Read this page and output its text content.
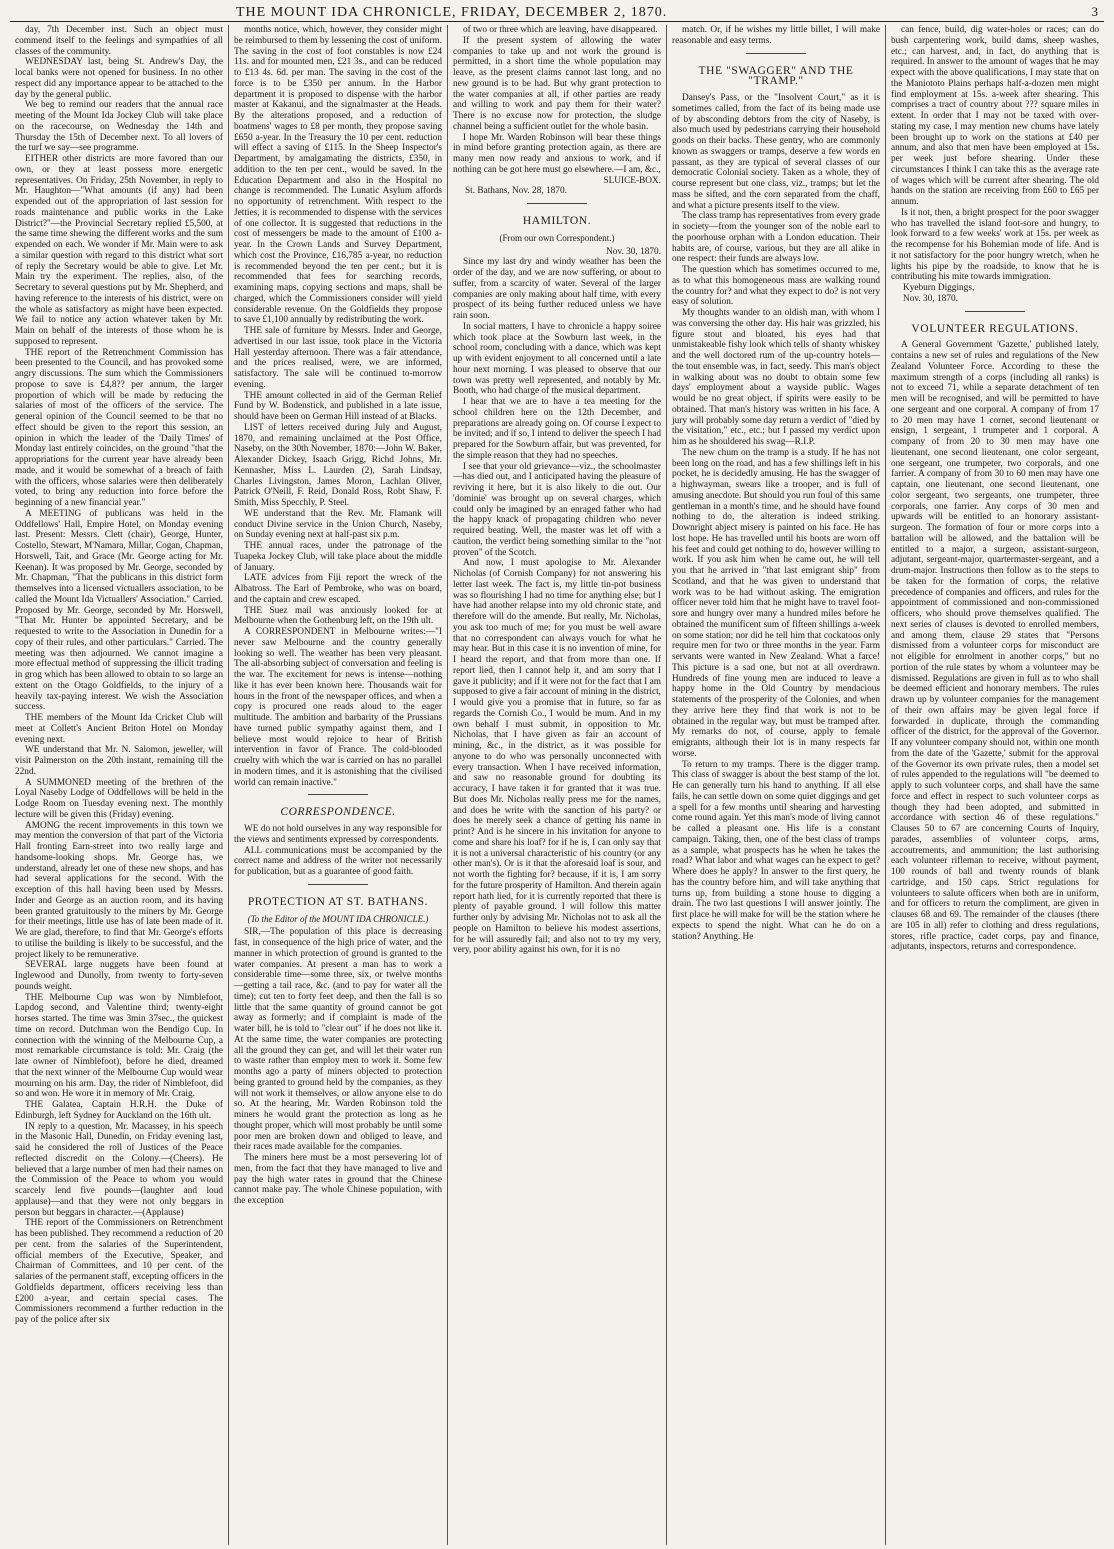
THE MOUNT IDA CHRONICLE, FRIDAY, DECEMBER 2, 1870.	3

day, 7th December inst. Such an object must commend itself to the feelings and sympathies of all classes of the community.

WEDNESDAY last, being St. Andrew's Day, the local banks were not opened for business. In no other respect did any importance appear to be attached to the day by the general public.

We beg to remind our readers that the annual race meeting of the Mount Ida Jockey Club will take place on the racecourse, on Wednesday the 14th and Thursday the 15th of December next. To all lovers of the turf we say—see programme.

EITHER other districts are more favored than our own, or they at least possess more energetic representatives. On Friday, 25th November, in reply to Mr. Haughton—"What amounts (if any) had been expended out of the appropriation of last session for roads maintenance and public works in the Lake District?"—the Provincial Secretary replied £5,500, at the same time shewing the different works and the sum expended on each. We wonder if Mr. Main were to ask a similar question with regard to this district what sort of reply the Secretary would be able to give. Let Mr. Main try the experiment. The replies, also, of the Secretary to several questions put by Mr. Shepherd, and having reference to the interests of his district, were on the whole as satisfactory as might have been expected. We fail to notice any action whatever taken by Mr. Main on behalf of the interests of those whom he is supposed to represent.

THE report of the Retrenchment Commission has been presented to the Council, and has provoked some angry discussions. The sum which the Commissioners propose to save is £4,8?? per annum, the larger proportion of which will be made by reducing the salaries of most of the officers of the service. The general opinion of the Council seemed to be that no effect should be given to the report this session, an opinion in which the leader of the 'Daily Times' of Monday last entirely coincides, on the ground "that the appropriations for the current year have already been made, and it would be somewhat of a breach of faith with the officers, whose salaries were then deliberately voted, to bring any reduction into force before the beginning of a new financial year."

A MEETING of publicans was held in the Oddfellows' Hall, Empire Hotel, on Monday evening last. Present: Messrs. Clett (chair), George, Hunter, Costello, Stewart, M'Namara, Millar, Cogan, Chapman, Horswell, Tait, and Grace (Mr. George acting for Mr. Keenan). It was proposed by Mr. George, seconded by Mr. Chapman, "That the publicans in this district form themselves into a licensed victuallers association, to be called the Mount Ida Victuallers' Association." Carried. Proposed by Mr. George, seconded by Mr. Horswell, "That Mr. Hunter be appointed Secretary, and be requested to write to the Association in Dunedin for a copy of their rules, and other particulars." Carried. The meeting was then adjourned. We cannot imagine a more effectual method of suppressing the illicit trading in grog which has been allowed to obtain to so large an extent on the Otago Goldfields, to the injury of a heavily tax-paying interest. We wish the Association success.

THE members of the Mount Ida Cricket Club will meet at Collett's Ancient Briton Hotel on Monday evening next.

WE understand that Mr. N. Salomon, jeweller, will visit Palmerston on the 20th instant, remaining till the 22nd.

A SUMMONED meeting of the brethren of the Loyal Naseby Lodge of Oddfellows will be held in the Lodge Room on Tuesday evening next. The monthly lecture will be given this (Friday) evening.

AMONG the recent improvements in this town we may mention the conversion of that part of the Victoria Hall fronting Earn-street into two really large and handsome-looking shops. Mr. George has, we understand, already let one of these new shops, and has had several applications for the second. With the exception of this hall having been used by Messrs. Inder and George as an auction room, and its having been granted gratuitously to the miners by Mr. George for their meetings, little use has of late been made of it. We are glad, therefore, to find that Mr. George's efforts to utilise the building is likely to be successful, and the project likely to be remunerative.

SEVERAL large nuggets have been found at Inglewood and Dunolly, from twenty to forty-seven pounds weight.

THE Melbourne Cup was won by Nimblefoot, Lapdog second, and Valentine third; twenty-eight horses started. The time was 3min 37sec., the quickest time on record. Dutchman won the Bendigo Cup. In connection with the winning of the Melbourne Cup, a most remarkable circumstance is told: Mr. Craig (the late owner of Nimblefoot), before he died, dreamed that the next winner of the Melbourne Cup would wear mourning on his arm. Day, the rider of Nimblefoot, did so and won. He wore it in memory of Mr. Craig.

THE Galatea, Captain H.R.H. the Duke of Edinburgh, left Sydney for Auckland on the 16th ult.

IN reply to a question, Mr. Macassey, in his speech in the Masonic Hall, Dunedin, on Friday evening last, said he considered the roll of Justices of the Peace reflected discredit on the Colony.—(Cheers). He believed that a large number of men had their names on the Commission of the Peace to whom you would scarcely lend five pounds—(laughter and loud applause)—and that they were not only beggars in person but beggars in character.—(Applause)

THE report of the Commissioners on Retrenchment has been published. They recommend a reduction of 20 per cent. from the salaries of the Superintendent, official members of the Executive, Speaker, and Chairman of Committees, and 10 per cent. of the salaries of the permanent staff, excepting officers in the Goldfields department, officers receiving less than £200 a-year, and certain special cases. The Commissioners recommend a further reduction in the pay of the police after six

months notice, which, however, they consider might be reimbursed to them by lessening the cost of uniform. The saving in the cost of foot constables is now £24 11s. and for mounted men, £21 3s., and can be reduced to £13 4s. 6d. per man. The saving in the cost of the force is to be £350 per annum. In the Harbor department it is proposed to dispense with the harbor master at Kakanui, and the signalmaster at the Heads. By the alterations proposed, and a reduction of boatmens' wages to £8 per month, they propose saving £650 a-year. In the Treasury the 10 per cent. reduction will effect a saving of £115. In the Sheep Inspector's Department, by amalgamating the districts, £350, in addition to the ten per cent., would be saved. In the Education Department and also in the Hospital no change is recommended. The Lunatic Asylum affords no opportunity of retrenchment. With respect to the Jetties, it is recommended to dispense with the services of one collector. It is suggested that reductions in the cost of messengers be made to the amount of £100 a-year. In the Crown Lands and Survey Department, which cost the Province, £16,785 a-year, no reduction is recommended beyond the ten per cent.; but it is recommended that fees for searching records, examining maps, copying sections and maps, shall be charged, which the Commissioners consider will yield considerable revenue. On the Goldfields they propose to save £1,100 annually by redistributing the work.

THE sale of furniture by Messrs. Inder and George, advertised in our last issue, took place in the Victoria Hall yesterday afternoon. There was a fair attendance, and the prices realised, were, we are informed, satisfactory. The sale will be continued to-morrow evening.

THE amount collected in aid of the German Relief Fund by W. Bodenstick, and published in a late issue, should have been on German Hill instead of at Blacks.

LIST of letters received during July and August, 1870, and remaining unclaimed at the Post Office, Naseby, on the 30th November, 1870:—John W. Baker, Alexander Dickey, Isaach Grigg, Richd Johns, Mr. Kennasher, Miss L. Laurden (2), Sarah Lindsay, Charles Livingston, James Moron, Lachlan Oliver, Patrick O'Neill, F. Reid, Donald Ross, Robt Shaw, F. Smith, Miss Specchly, P. Steel.

WE understand that the Rev. Mr. Flamank will conduct Divine service in the Union Church, Naseby, on Sunday evening next at half-past six p.m.

THE annual races, under the patronage of the Tuapeka Jockey Club, will take place about the middle of January.

LATE advices from Fiji report the wreck of the Albatross. The Earl of Pembroke, who was on board, and the captain and crew escaped.

THE Suez mail was anxiously looked for at Melbourne when the Gothenburg left, on the 19th ult.

A CORRESPONDENT in Melbourne writes:—"I never saw Melbourne and the country generally looking so well. The weather has been very pleasant. The all-absorbing subject of conversation and feeling is the war. The excitement for news is intense—nothing like it has ever been known here. Thousands wait for hours in the front of the newspaper offices, and when a copy is procured one reads aloud to the eager multitude. The ambition and barbarity of the Prussians have turned public sympathy against them, and I believe most would rejoice to hear of British intervention in favor of France. The cold-blooded cruelty with which the war is carried on has no parallel in modern times, and it is astonishing that the civilised world can remain inactive."

CORRESPONDENCE.

WE do not hold ourselves in any way responsible for the views and sentiments expressed by correspondents.

ALL communications must be accompanied by the correct name and address of the writer not necessarily for publication, but as a guarantee of good faith.

PROTECTION AT ST. BATHANS.

(To the Editor of the MOUNT IDA CHRONICLE.)

SIR,—The population of this place is decreasing fast, in consequence of the high price of water, and the manner in which protection of ground is granted to the water companies. At present a man has to work a considerable time—some three, six, or twelve months—getting a tail race, &c. (and to pay for water all the time); cut ten to forty feet deep, and then the fall is so little that the same quantity of ground cannot be got away as formerly; and if complaint is made of the water bill, he is told to "clear out" if he does not like it. At the same time, the water companies are protecting all the ground they can get, and will let their water run to waste rather than employ men to work it. Some few months ago a party of miners objected to protection being granted to ground held by the companies, as they will not work it themselves, or allow anyone else to do so. At the hearing, Mr. Warden Robinson told the miners he would grant the protection as long as he thought proper, which will most probably be until some poor men are broken down and obliged to leave, and their races made available for the companies.

The miners here must be a most persevering lot of men, from the fact that they have managed to live and pay the high water rates in ground that the Chinese cannot make pay. The whole Chinese population, with the exception

of two or three which are leaving, have disappeared.

If the present system of allowing the water companies to take up and not work the ground is permitted, in a short time the whole population may leave, as the present claims cannot last long, and no new ground is to be had. But why grant protection to the water companies at all, if other parties are ready and willing to work and pay them for their water? There is no excuse now for protection, the sludge channel being a sufficient outlet for the whole basin.

I hope Mr. Warden Robinson will bear these things in mind before granting protection again, as there are many men now ready and anxious to work, and if nothing can be got here must go elsewhere.—I am, &c.,

SLUICE-BOX.

St. Bathans, Nov. 28, 1870.

HAMILTON.

(From our own Correspondent.)

Nov. 30, 1870.

Since my last dry and windy weather has been the order of the day, and we are now suffering, or about to suffer, from a scarcity of water. Several of the larger companies are only making about half time, with every prospect of its being further reduced unless we have rain soon.

In social matters, I have to chronicle a happy soiree which took place at the Sowburn last week, in the school room, concluding with a dance, which was kept up with evident enjoyment to all concerned until a late hour next morning. I was pleased to observe that our town was pretty well represented, and notably by Mr. Booth, who had charge of the musical department.

I hear that we are to have a tea meeting for the school children here on the 12th December, and preparations are already going on. Of course I expect to be invited; and if so, I intend to deliver the speech I had prepared for the Sowburn affair, but was prevented, for the simple reason that they had no speeches.

I see that your old grievance—viz., the schoolmaster—has died out, and I anticipated having the pleasure of reviving it here, but it is also likely to die out. Our 'dominie' was brought up on several charges, which could only be imagined by an enraged father who had the happy knack of propagating children who never required beating. Well, the master was let off with a caution, the verdict being something similar to the "not proven" of the Scotch.

And now, I must apologise to Mr. Alexander Nicholas (of Cornish Company) for not answering his letter last week. The fact is, my little tin-pot business was so flourishing I had no time for anything else; but I have had another relapse into my old chronic state, and therefore will do the amende. But really, Mr. Nicholas, you ask too much of me; for you must be well aware that no correspondent can always vouch for what he may hear. But in this case it is no invention of mine, for I heard the report, and that from more than one. If report lied, then I cannot help it, and am sorry that I gave it publicity; and if it were not for the fact that I am supposed to give a fair account of mining in the district, I would give you a promise that in future, so far as regards the Cornish Co., I would be mum. And in my own behalf I must submit, in opposition to Mr. Nicholas, that I have given as fair an account of mining, &c., in the district, as it was possible for anyone to do who was personally unconnected with every transaction. When I have received information, and saw no reasonable ground for doubting its accuracy, I have taken it for granted that it was true. But does Mr. Nicholas really press me for the names, and does he write with the sanction of his party? or does he merely seek a chance of getting his name in print? And is he sincere in his invitation for anyone to come and share his loaf? for if he is, I can only say that it is not a universal characteristic of his country (or any other man's). Or is it that the aforesaid loaf is sour, and not worth the fighting for? because, if it is, I am sorry for the future prosperity of Hamilton. And therein again report hath lied, for it is currently reported that there is plenty of payable ground. I will follow this matter further only by advising Mr. Nicholas not to ask all the people on Hamilton to believe his modest assertions, for he will assuredly fail; and also not to try my very, very, poor ability against his own, for it is no

match. Or, if he wishes my little billet, I will make reasonable and easy terms.

THE "SWAGGER" AND THE "TRAMP."

Dansey's Pass, or the "Insolvent Court," as it is sometimes called, from the fact of its being made use of by absconding debtors from the city of Naseby, is also much used by pedestrians carrying their household goods on their backs. These gentry, who are commonly known as swaggers or tramps, deserve a few words en passant, as they are typical of several classes of our democratic Colonial society. Taken as a whole, they of course represent but one class, viz., tramps; but let the mass be sifted, and the corn separated from the chaff, and what a picture presents itself to the view.

The class tramp has representatives from every grade in society—from the younger son of the noble earl to the poorhouse orphan with a London education. Their habits are, of course, various, but they are all alike in one respect: their funds are always low.

The question which has sometimes occurred to me, as to what this homogeneous mass are walking round the country for? and what they expect to do? is not very easy of solution.

My thoughts wander to an oldish man, with whom I was conversing the other day. His hair was grizzled, his figure stout and bloated, his eyes had that unmistakeable fishy look which tells of shanty whiskey and the well doctored rum of the up-country hotels—the tout ensemble was, in fact, seedy. This man's object in walking about was no doubt to obtain some few days' employment about a wayside public. Wages would be no great object, if spirits were easily to be obtained. That man's history was written in his face. A jury will probably some day return a verdict of "died by the visitation," etc., etc.; but I passed my verdict upon him as he shouldered his swag—R.I.P.

The new chum on the tramp is a study. If he has not been long on the road, and has a few shillings left in his pocket, he is decidedly amusing. He has the swagger of a highwayman, swears like a trooper, and is full of amusing anecdote. But should you run foul of this same gentleman in a month's time, and he should have found nothing to do, the alteration is indeed striking. Downright abject misery is painted on his face. He has lost hope. He has travelled until his boots are worn off his feet and could get nothing to do, however willing to work. If you ask him when he came out, he will tell you that he arrived in "that last emigrant ship" from Scotland, and that he was given to understand that work was to be had without asking. The emigration officer never told him that he might have to travel foot-sore and hungry over many a hundred miles before he obtained the munificent sum of fifteen shillings a-week on some station; nor did he tell him that cockatoos only require men for two or three months in the year. Farm servants were wanted in New Zealand. What a farce! This picture is a sad one, but not at all overdrawn. Hundreds of fine young men are induced to leave a happy home in the Old Country by mendacious statements of the prosperity of the Colonies, and when they arrive here they find that work is not to be obtained in the regular way, but must be tramped after. My remarks do not, of course, apply to female emigrants, although their lot is in many respects far worse.

To return to my tramps. There is the digger tramp. This class of swagger is about the best stamp of the lot. He can generally turn his hand to anything. If all else fails, he can settle down on some quiet diggings and get a spell for a few months until shearing and harvesting come round again. Yet this man's mode of living cannot be called a pleasant one. His life is a constant campaign. Taking, then, one of the best class of tramps as a sample, what prospects has he when he takes the road? What labor and what wages can he expect to get? Where does he apply? In answer to the first query, he has the country before him, and will take anything that turns up, from building a stone house to digging a drain. The two last questions I will answer jointly. The first place he will make for will be the station where he expects to spend the night. What can he do on a station? Anything. He

can fence, build, dig water-holes or races; can do bush carpentering work, build dams, sheep washes, etc.; can harvest, and, in fact, do anything that is required. In answer to the amount of wages that he may expect with the above qualifications, I may state that on the Maniototo Plains perhaps half-a-dozen men might find employment at 15s. a-week after shearing. This comprises a tract of country about ??? square miles in extent. In order that I may not be taxed with over-stating my case, I may mention new chums have lately been brought up to work on the stations at £40 per annum, and also that men have been employed at 15s. per week just before shearing. Under these circumstances I think I can take this as the average rate of wages which will be current after shearing. The old hands on the station are receiving from £60 to £65 per annum.

Is it not, then, a bright prospect for the poor swagger who has travelled the island foot-sore and hungry, to look forward to a few weeks' work at 15s. per week as the recompense for his Bohemian mode of life. And is it not satisfactory for the poor hungry wretch, when he lights his pipe by the roadside, to know that he is contributing his mite towards immigration.

Kyeburn Diggings,

Nov. 30, 1870.

VOLUNTEER REGULATIONS.

A General Government 'Gazette,' published lately, contains a new set of rules and regulations of the New Zealand Volunteer Force. According to these the maximum strength of a corps (including all ranks) is not to exceed 71, while a separate detachment of ten men will be recognised, and will be permitted to have one sergeant and one corporal. A company of from 17 to 20 men may have 1 cornet, second lieutenant or ensign, 1 sergeant, 1 trumpeter and 1 corporal. A company of from 20 to 30 men may have one lieutenant, one second lieutenant, one color sergeant, one sergeant, one trumpeter, two corporals, and one farrier. A company of from 30 to 60 men may have one captain, one lieutenant, one second lieutenant, one color sergeant, two sergeants, one trumpeter, three corporals, one farrier. Any corps of 30 men and upwards will be entitled to an honorary assistant-surgeon. The formation of four or more corps into a battalion will be allowed, and the battalion will be entitled to a major, a surgeon, assistant-surgeon, adjutant, sergeant-major, quartermaster-sergeant, and a drum-major. Instructions then follow as to the steps to be taken for the formation of corps, the relative precedence of companies and officers, and rules for the appointment of commissioned and non-commissioned officers, who should prove themselves qualified. The next series of clauses is devoted to enrolled members, and among them, clause 29 states that "Persons dismissed from a volunteer corps for misconduct are not eligible for enrolment in another corps," but no portion of the rule states by whom a volunteer may be dismissed. Regulations are given in full as to who shall be deemed efficient and honorary members. The rules drawn up by volunteer companies for the management of their own affairs may be given legal force if forwarded in duplicate, through the commanding officer of the district, for the approval of the Governor. If any volunteer company should not, within one month from the date of the 'Gazette,' submit for the approval of the Governor its own private rules, then a model set of rules appended to the regulations will "be deemed to apply to such volunteer corps, and shall have the same force and effect in respect to such volunteer corps as though they had been adopted, and submitted in accordance with section 46 of these regulations." Clauses 50 to 67 are concerning Courts of Inquiry, parades, assemblies of volunteer corps, arms, accoutrements, and ammunition; the last authorising each volunteer rifleman to receive, without payment, 100 rounds of ball and twenty rounds of blank cartridge, and 150 caps. Strict regulations for volunteers to salute officers when both are in uniform, and for officers to return the compliment, are given in clauses 68 and 69. The remainder of the clauses (there are 105 in all) refer to clothing and dress regulations, stores, rifle practice, cadet corps, pay and finance, adjutants, inspectors, returns and correspondence.
